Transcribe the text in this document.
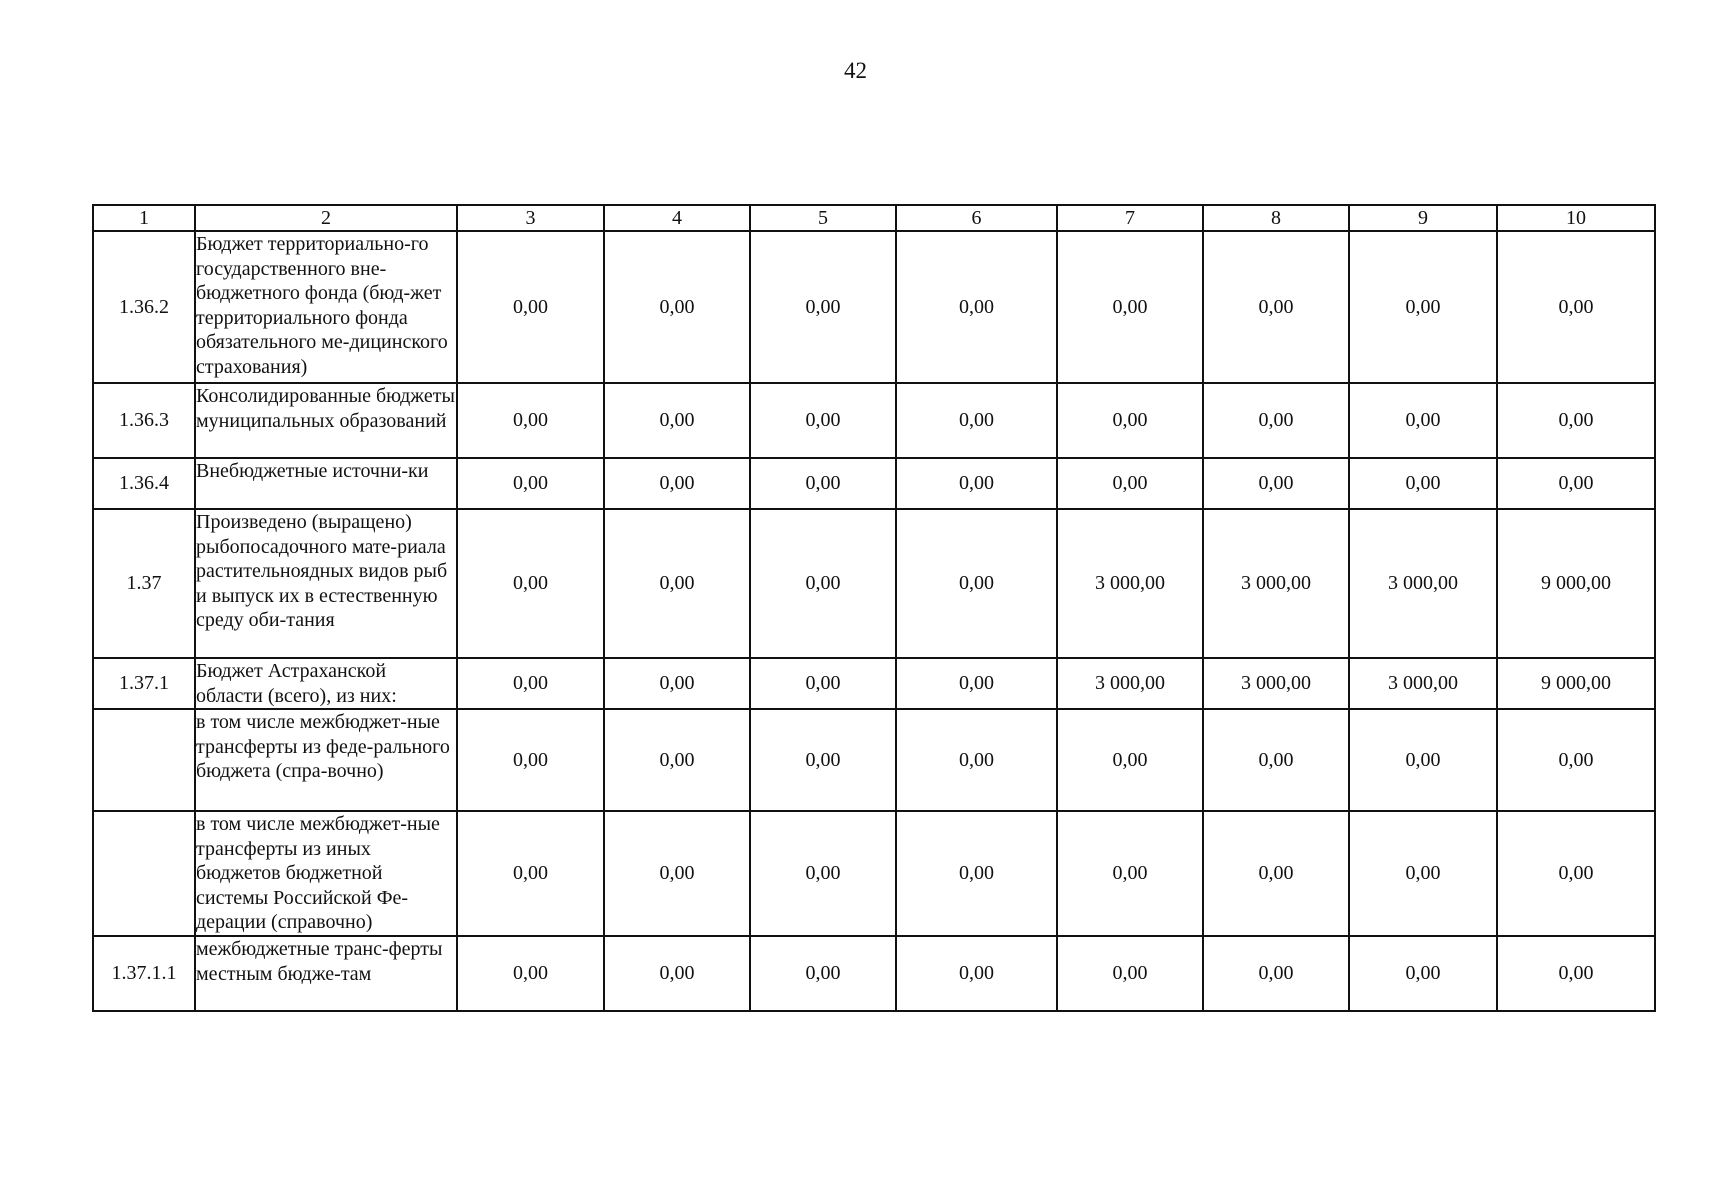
42
1	2	3	4	5	6	7	8	9	10
1.36.2	Бюджет территориально-го государственного вне-бюджетного фонда (бюд-жет территориального фонда обязательного ме-дицинского страхования)	0,00	0,00	0,00	0,00	0,00	0,00	0,00	0,00
1.36.3	Консолидированные бюджеты муниципальных образований	0,00	0,00	0,00	0,00	0,00	0,00	0,00	0,00
1.36.4	Внебюджетные источни-ки	0,00	0,00	0,00	0,00	0,00	0,00	0,00	0,00
1.37	Произведено (выращено) рыбопосадочного мате-риала растительноядных видов рыб и выпуск их в естественную среду оби-тания	0,00	0,00	0,00	0,00	3 000,00	3 000,00	3 000,00	9 000,00
1.37.1	Бюджет Астраханской области (всего), из них:	0,00	0,00	0,00	0,00	3 000,00	3 000,00	3 000,00	9 000,00
	в том числе межбюджет-ные трансферты из феде-рального бюджета (спра-вочно)	0,00	0,00	0,00	0,00	0,00	0,00	0,00	0,00
	в том числе межбюджет-ные трансферты из иных бюджетов бюджетной системы Российской Фе-дерации (справочно)	0,00	0,00	0,00	0,00	0,00	0,00	0,00	0,00
1.37.1.1	межбюджетные транс-ферты местным бюдже-там	0,00	0,00	0,00	0,00	0,00	0,00	0,00	0,00
